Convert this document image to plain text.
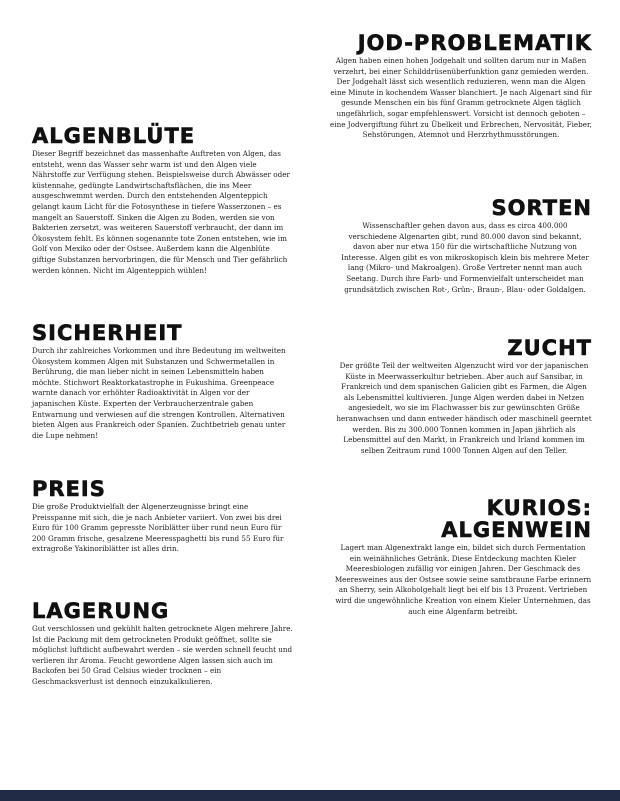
JOD-PROBLEMATIK

Algen haben einen hohen Jodgehalt und sollten darum nur in Maßen verzehrt, bei einer Schilddrüsenüberfunktion ganz gemieden werden. Der Jodgehalt lässt sich wesentlich reduzieren, wenn man die Algen eine Minute in kochendem Wasser blanchiert. Je nach Algenart sind für gesunde Menschen ein bis fünf Gramm getrocknete Algen täglich ungefährlich, sogar empfehlenswert. Vorsicht ist dennoch geboten – eine Jodvergiftung führt zu Übelkeit und Erbrechen, Nervosität, Fieber, Sehstörungen, Atemnot und Herzrhythmusstörungen.

ALGENBLÜTE

Dieser Begriff bezeichnet das massenhafte Auftreten von Algen, das entsteht, wenn das Wasser sehr warm ist und den Algen viele Nährstoffe zur Verfügung stehen. Beispielsweise durch Abwässer oder küstennahe, gedüngte Landwirtschaftsflächen, die ins Meer ausgeschwemmt werden. Durch den entstehenden Algenteppich gelangt kaum Licht für die Fotosynthese in tiefere Wasserzonen – es mangelt an Sauerstoff. Sinken die Algen zu Boden, werden sie von Bakterien zersetzt, was weiteren Sauerstoff verbraucht, der dann im Ökosystem fehlt. Es können sogenannte tote Zonen entstehen, wie im Golf von Mexiko oder der Ostsee. Außerdem kann die Algenblüte giftige Substanzen hervorbringen, die für Mensch und Tier gefährlich werden können. Nicht im Algenteppich wühlen!

SORTEN

Wissenschaftler gehen davon aus, dass es circa 400.000 verschiedene Algenarten gibt, rund 80.000 davon sind bekannt, davon aber nur etwa 150 für die wirtschaftliche Nutzung von Interesse. Algen gibt es von mikroskopisch klein bis mehrere Meter lang (Mikro- und Makroalgen). Große Vertreter nennt man auch Seetang. Durch ihre Farb- und Formenvielfalt unterscheidet man grundsätzlich zwischen Rot-, Grün-, Braun-, Blau- oder Goldalgen.

SICHERHEIT

Durch ihr zahlreiches Vorkommen und ihre Bedeutung im weltweiten Ökosystem kommen Algen mit Substanzen und Schwermetallen in Berührung, die man lieber nicht in seinen Lebensmitteln haben möchte. Stichwort Reaktorkatastrophe in Fukushima. Greenpeace warnte danach vor erhöhter Radioaktivität in Algen vor der japanischen Küste. Experten der Verbraucherzentrale gaben Entwarnung und verwiesen auf die strengen Kontrollen. Alternativen bieten Algen aus Frankreich oder Spanien. Zuchtbetrieb genau unter die Lupe nehmen!

ZUCHT

Der größte Teil der weltweiten Algenzucht wird vor der japanischen Küste in Meerwasserkultur betrieben. Aber auch auf Sansibar, in Frankreich und dem spanischen Galicien gibt es Farmen, die Algen als Lebensmittel kultivieren. Junge Algen werden dabei in Netzen angesiedelt, wo sie im Flachwasser bis zur gewünschten Größe heranwachsen und dann entweder händisch oder maschinell geerntet werden. Bis zu 300.000 Tonnen kommen in Japan jährlich als Lebensmittel auf den Markt, in Frankreich und Irland kommen im selben Zeitraum rund 1000 Tonnen Algen auf den Teller.

PREIS

Die große Produktvielfalt der Algenerzeugnisse bringt eine Preisspanne mit sich, die je nach Anbieter variiert. Von zwei bis drei Euro für 100 Gramm gepresste Noriblätter über rund neun Euro für 200 Gramm frische, gesalzene Meeresspaghetti bis rund 55 Euro für extragroße Yakinoriblätter ist alles drin.

KURIOS: ALGENWEIN

Lagert man Algenextrakt lange ein, bildet sich durch Fermentation ein weinähnliches Getränk. Diese Entdeckung machten Kieler Meeresbiologen zufällig vor einigen Jahren. Der Geschmack des Meeresweines aus der Ostsee sowie seine samtbraune Farbe erinnern an Sherry, sein Alkoholgehalt liegt bei elf bis 13 Prozent. Vertrieben wird die ungewöhnliche Kreation von einem Kieler Unternehmen, das auch eine Algenfarm betreibt.

LAGERUNG

Gut verschlossen und gekühlt halten getrocknete Algen mehrere Jahre. Ist die Packung mit dem getrockneten Produkt geöffnet, sollte sie möglichst luftdicht aufbewahrt werden – sie werden schnell feucht und verlieren ihr Aroma. Feucht gewordene Algen lassen sich auch im Backofen bei 50 Grad Celsius wieder trocknen – ein Geschmacksverlust ist dennoch einzukalkulieren.
